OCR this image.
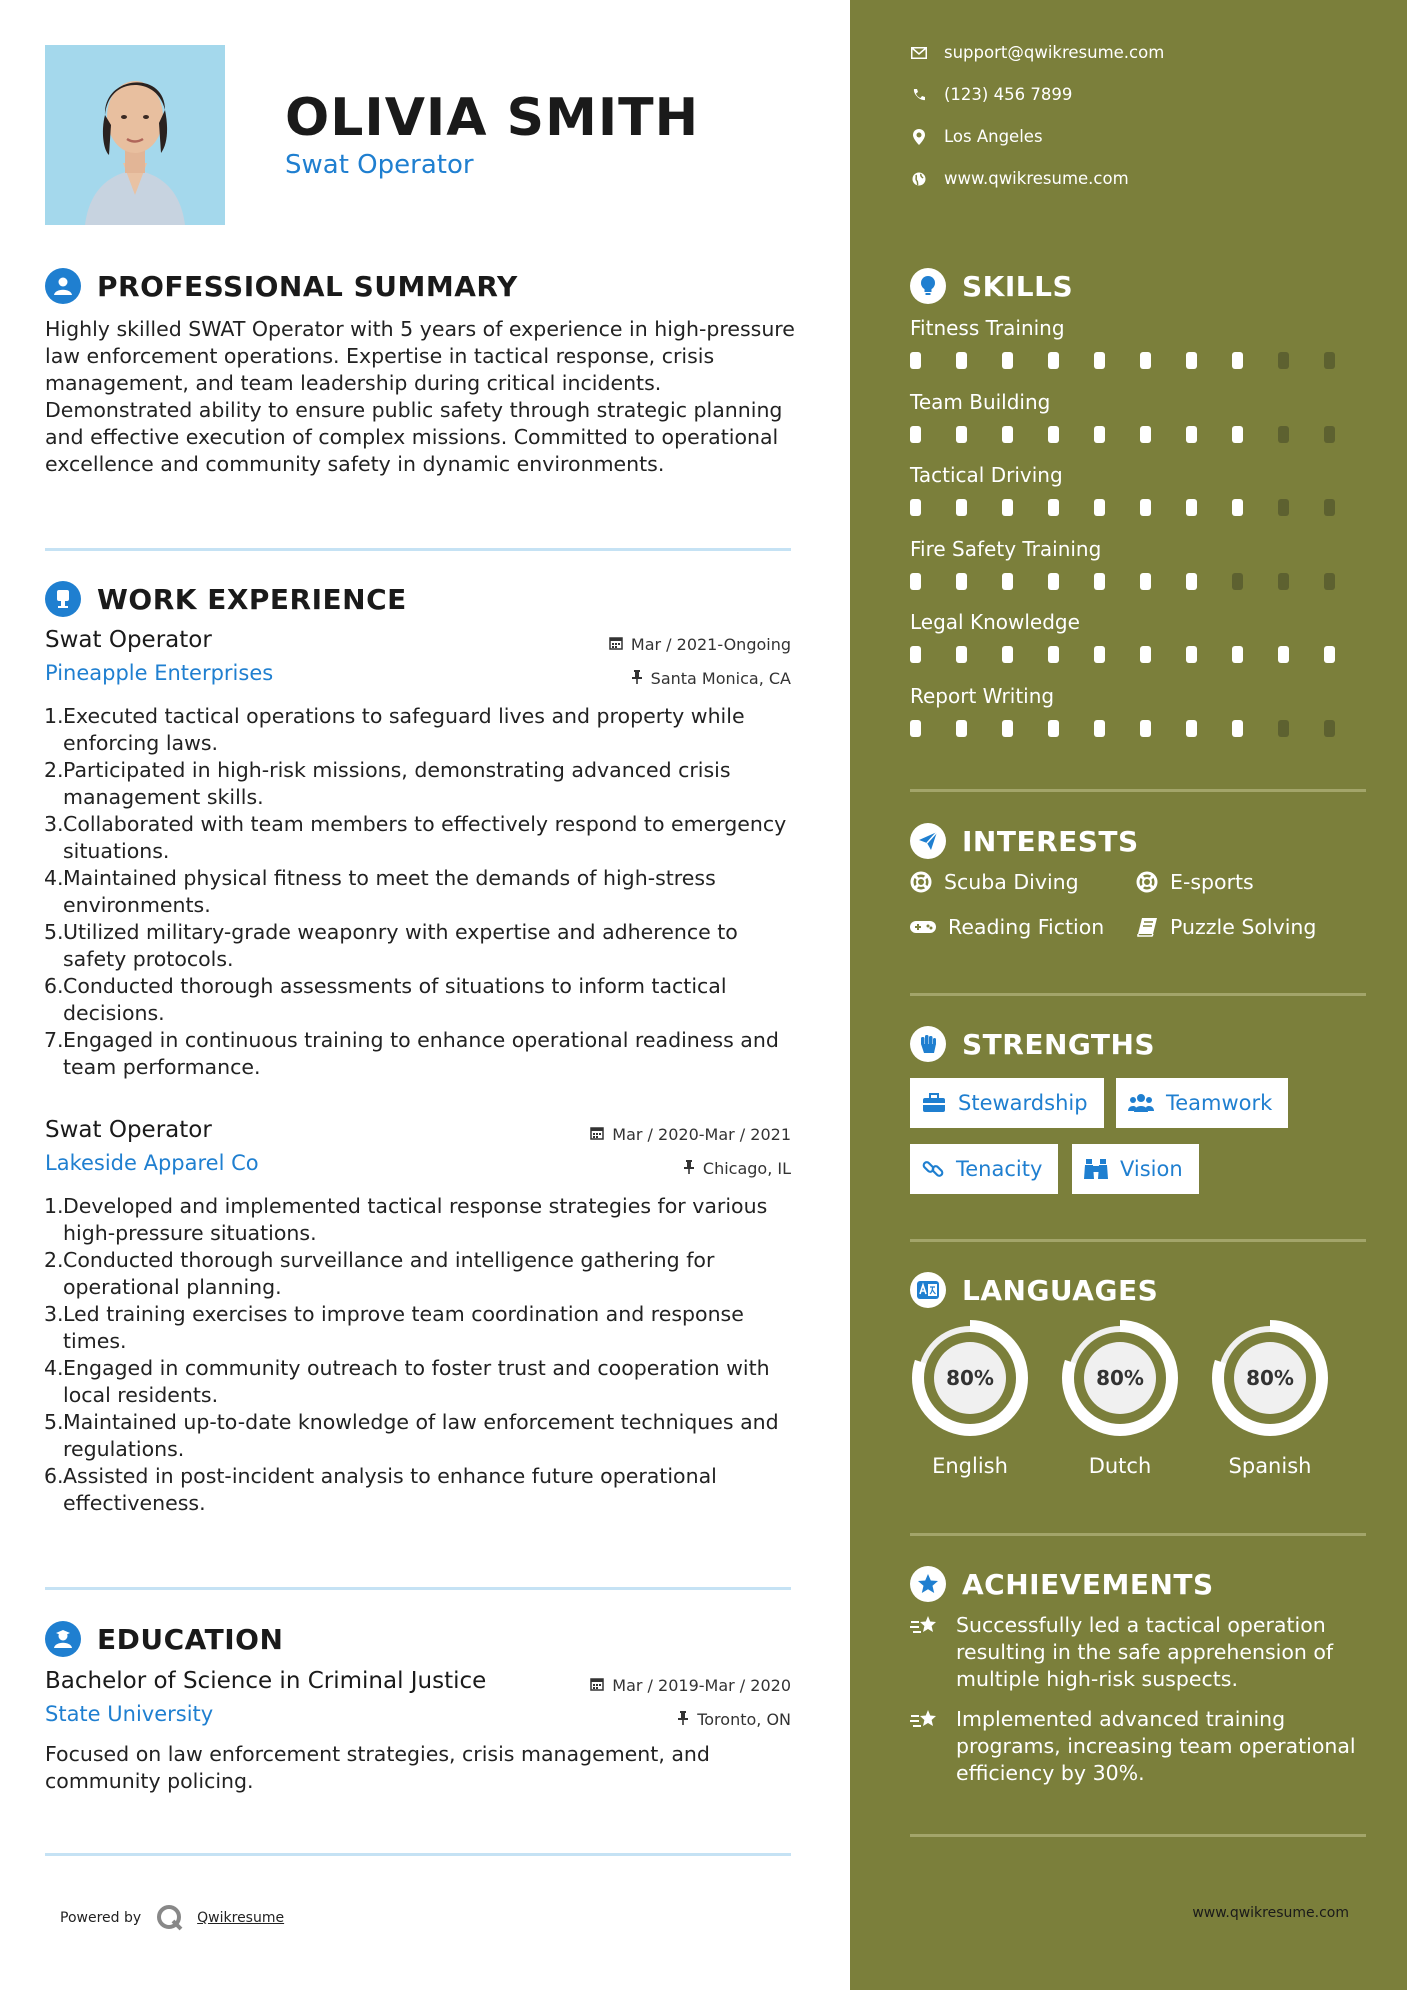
OLIVIA SMITH
Swat Operator
PROFESSIONAL SUMMARY
Highly skilled SWAT Operator with 5 years of experience in high-pressure law enforcement operations. Expertise in tactical response, crisis management, and team leadership during critical incidents. Demonstrated ability to ensure public safety through strategic planning and effective execution of complex missions. Committed to operational excellence and community safety in dynamic environments.
WORK EXPERIENCE
Swat Operator
Pineapple Enterprises
Mar / 2021-Ongoing
Santa Monica, CA
1. Executed tactical operations to safeguard lives and property while enforcing laws.
2. Participated in high-risk missions, demonstrating advanced crisis management skills.
3. Collaborated with team members to effectively respond to emergency situations.
4. Maintained physical fitness to meet the demands of high-stress environments.
5. Utilized military-grade weaponry with expertise and adherence to safety protocols.
6. Conducted thorough assessments of situations to inform tactical decisions.
7. Engaged in continuous training to enhance operational readiness and team performance.
Swat Operator
Lakeside Apparel Co
Mar / 2020-Mar / 2021
Chicago, IL
1. Developed and implemented tactical response strategies for various high-pressure situations.
2. Conducted thorough surveillance and intelligence gathering for operational planning.
3. Led training exercises to improve team coordination and response times.
4. Engaged in community outreach to foster trust and cooperation with local residents.
5. Maintained up-to-date knowledge of law enforcement techniques and regulations.
6. Assisted in post-incident analysis to enhance future operational effectiveness.
EDUCATION
Bachelor of Science in Criminal Justice
State University
Mar / 2019-Mar / 2020
Toronto, ON
Focused on law enforcement strategies, crisis management, and community policing.
Powered by	Qwikresume
support@qwikresume.com
(123) 456 7899
Los Angeles
www.qwikresume.com
SKILLS
Fitness Training
Team Building
Tactical Driving
Fire Safety Training
Legal Knowledge
Report Writing
INTERESTS
Scuba Diving	E-sports
Reading Fiction	Puzzle Solving
STRENGTHS
Stewardship	Teamwork
Tenacity	Vision
LANGUAGES
80%
English
80%
Dutch
80%
Spanish
ACHIEVEMENTS
Successfully led a tactical operation resulting in the safe apprehension of multiple high-risk suspects.
Implemented advanced training programs, increasing team operational efficiency by 30%.
www.qwikresume.com
